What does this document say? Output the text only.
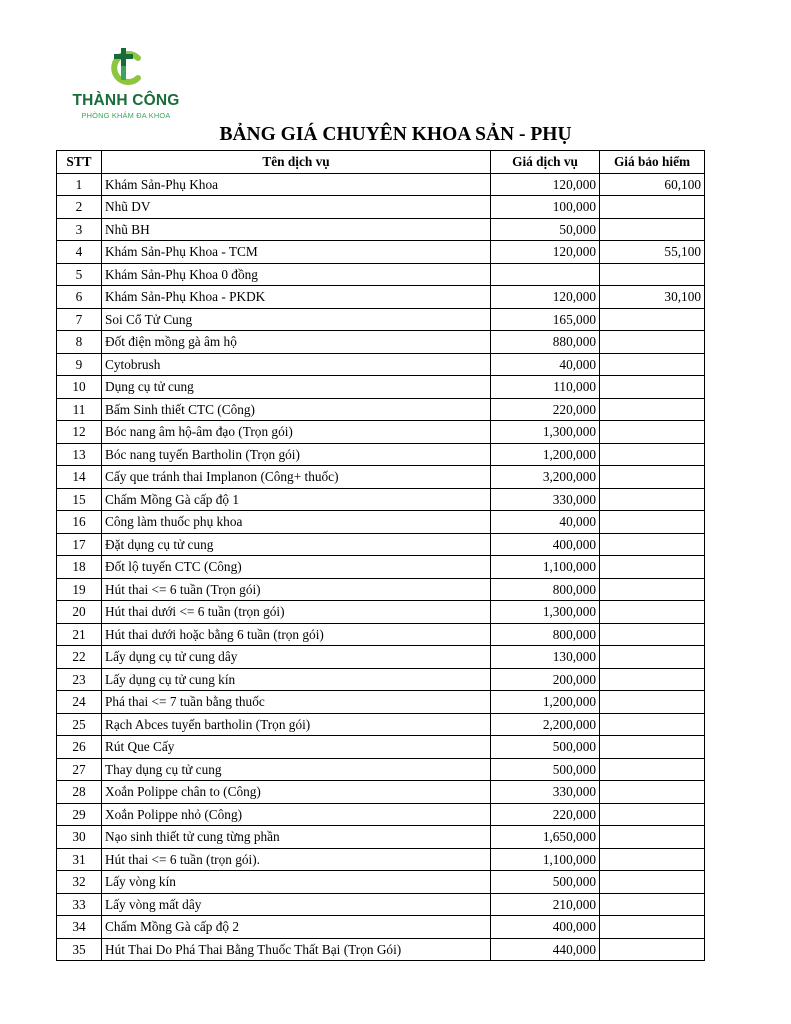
THÀNH CÔNG
PHÒNG KHÁM ĐA KHOA
BẢNG GIÁ CHUYÊN KHOA SẢN - PHỤ
STT	Tên dịch vụ	Giá dịch vụ	Giá bảo hiểm
1	Khám Sản-Phụ Khoa	120,000	60,100
2	Nhũ DV	100,000	
3	Nhũ BH	50,000	
4	Khám Sản-Phụ Khoa - TCM	120,000	55,100
5	Khám Sản-Phụ Khoa 0 đồng		
6	Khám Sản-Phụ Khoa - PKDK	120,000	30,100
7	Soi Cổ Tử Cung	165,000	
8	Đốt điện mồng gà âm hộ	880,000	
9	Cytobrush	40,000	
10	Dụng cụ tử cung	110,000	
11	Bấm Sinh thiết CTC (Công)	220,000	
12	Bóc nang âm hộ-âm đạo (Trọn gói)	1,300,000	
13	Bóc nang tuyến Bartholin (Trọn gói)	1,200,000	
14	Cấy que tránh thai Implanon (Công+ thuốc)	3,200,000	
15	Chấm Mồng Gà cấp độ 1	330,000	
16	Công làm thuốc phụ khoa	40,000	
17	Đặt dụng cụ tử cung	400,000	
18	Đốt lộ tuyến CTC (Công)	1,100,000	
19	Hút thai <= 6 tuần (Trọn gói)	800,000	
20	Hút thai dưới <= 6 tuần (trọn gói)	1,300,000	
21	Hút thai dưới hoặc bằng 6 tuần (trọn gói)	800,000	
22	Lấy dụng cụ tử cung dây	130,000	
23	Lấy dụng cụ tử cung kín	200,000	
24	Phá thai <= 7 tuần bằng thuốc	1,200,000	
25	Rạch Abces tuyến bartholin (Trọn gói)	2,200,000	
26	Rút Que Cấy	500,000	
27	Thay dụng cụ tử cung	500,000	
28	Xoắn Polippe chân to (Công)	330,000	
29	Xoắn Polippe nhỏ (Công)	220,000	
30	Nạo sinh thiết tử cung từng phần	1,650,000	
31	Hút thai <= 6 tuần (trọn gói).	1,100,000	
32	Lấy vòng kín	500,000	
33	Lấy vòng mất dây	210,000	
34	Chấm Mồng Gà cấp độ 2	400,000	
35	Hút Thai Do Phá Thai Bằng Thuốc Thất Bại (Trọn Gói)	440,000	
